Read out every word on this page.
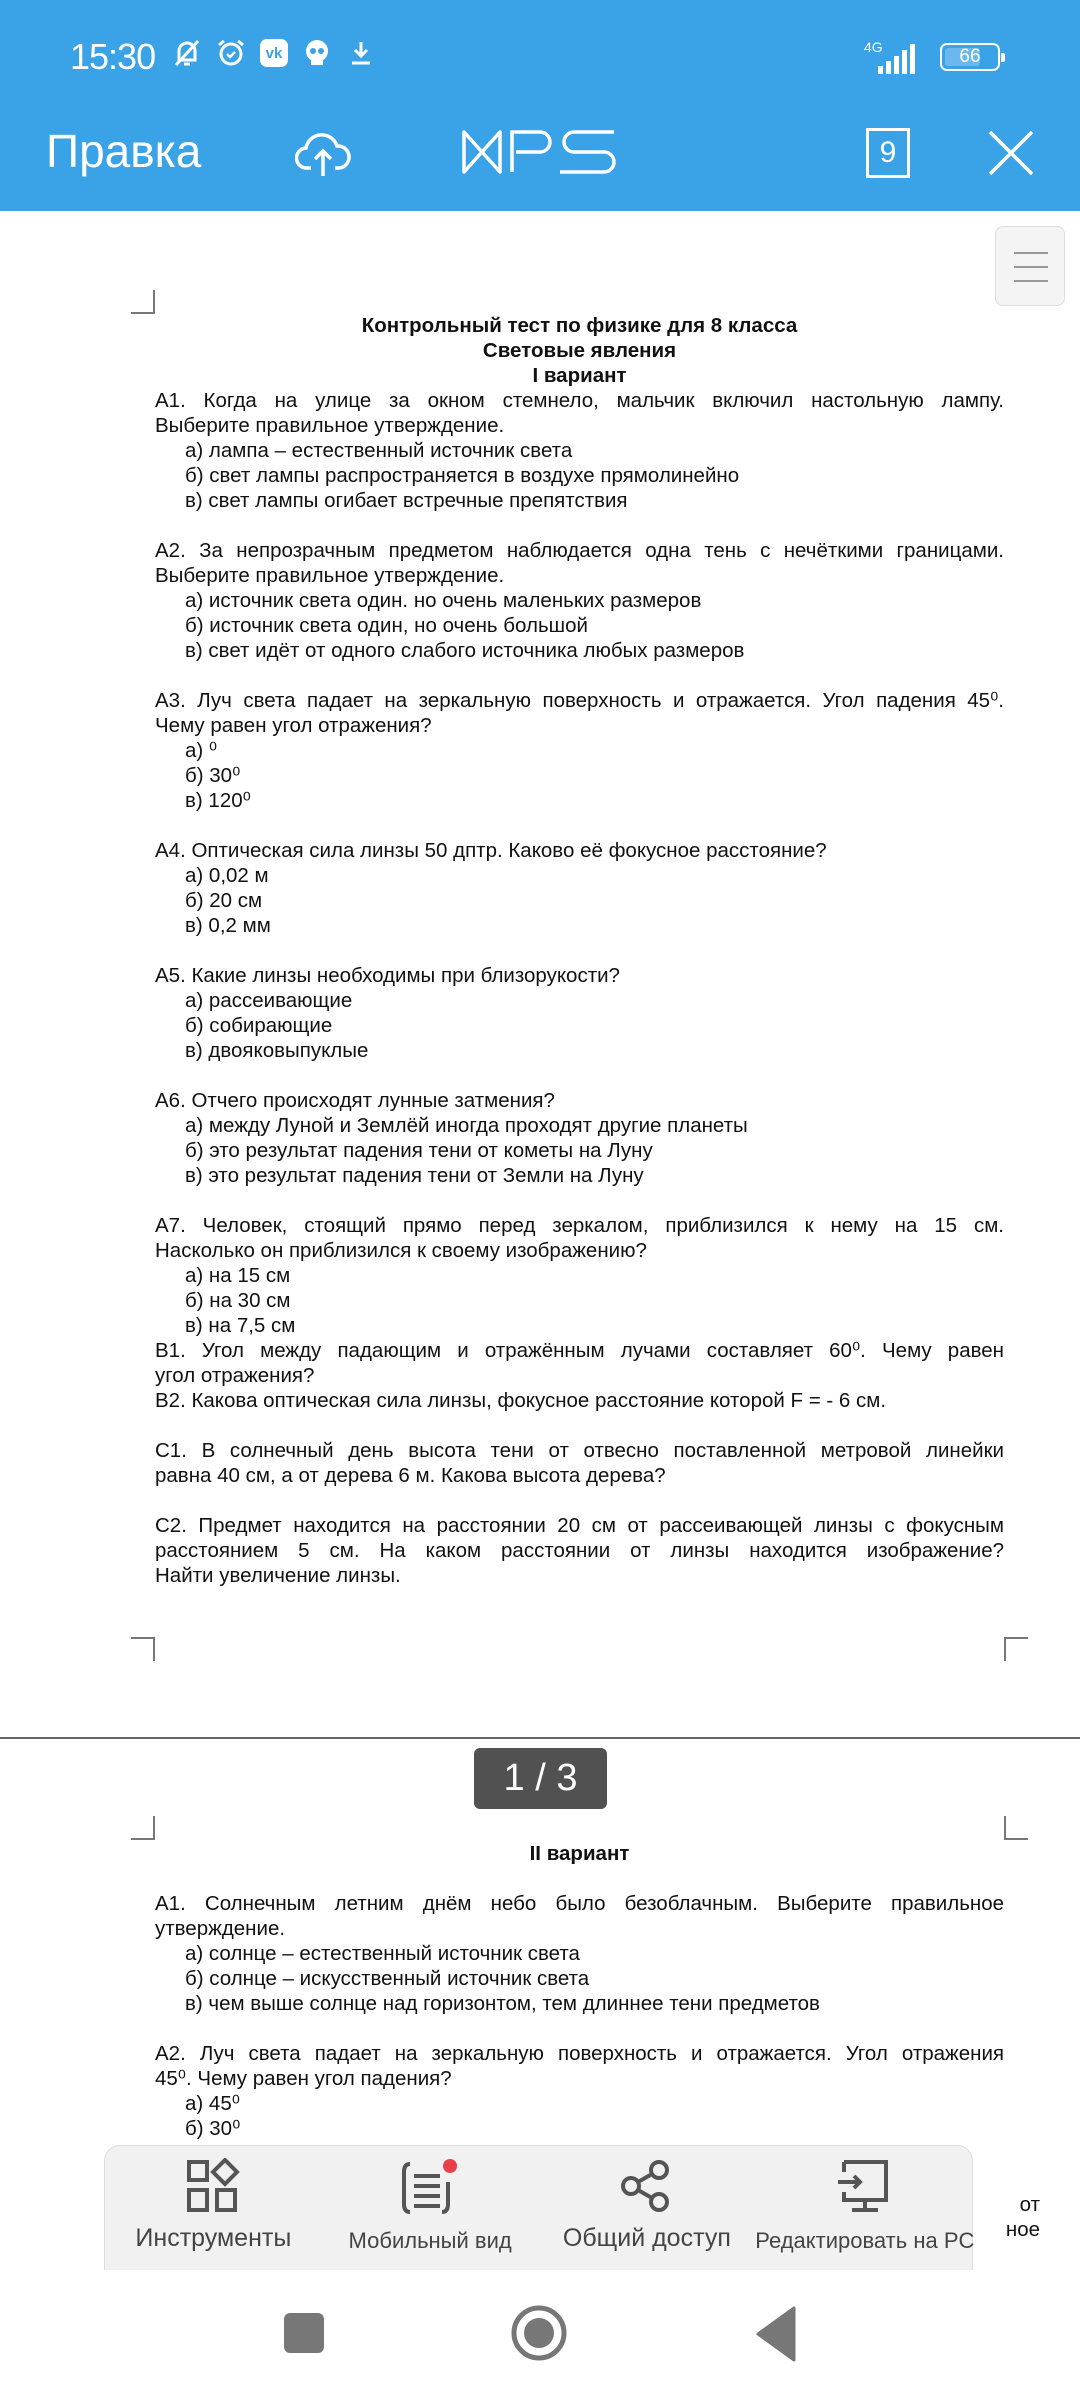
15:30	vk	4G	66
Правка	9
Контрольный тест по физике для 8 класса
Световые явления
I вариант
А1. Когда на улице за окном стемнело, мальчик включил настольную лампу.
Выберите правильное утверждение.
а) лампа – естественный источник света
б) свет лампы распространяется в воздухе прямолинейно
в) свет лампы огибает встречные препятствия
А2. За непрозрачным предметом наблюдается одна тень с нечёткими границами.
Выберите правильное утверждение.
а) источник света один. но очень маленьких размеров
б) источник света один, но очень большой
в) свет идёт от одного слабого источника любых размеров
А3. Луч света падает на зеркальную поверхность и отражается. Угол падения 45⁰.
Чему равен угол отражения?
а) ⁰
б) 30⁰
в) 120⁰
А4. Оптическая сила линзы 50 дптр. Каково её фокусное расстояние?
а) 0,02 м
б) 20 см
в) 0,2 мм
А5. Какие линзы необходимы при близорукости?
а) рассеивающие
б) собирающие
в) двояковыпуклые
А6. Отчего происходят лунные затмения?
а) между Луной и Землёй иногда проходят другие планеты
б) это результат падения тени от кометы на Луну
в) это результат падения тени от Земли на Луну
А7. Человек, стоящий прямо перед зеркалом, приблизился к нему на 15 см.
Насколько он приблизился к своему изображению?
а) на 15 см
б) на 30 см
в) на 7,5 см
В1. Угол между падающим и отражённым лучами составляет 60⁰. Чему равен
угол отражения?
В2. Какова оптическая сила линзы, фокусное расстояние которой F = - 6 см.
С1. В солнечный день высота тени от отвесно поставленной метровой линейки
равна 40 см, а от дерева 6 м. Какова высота дерева?
С2. Предмет находится на расстоянии 20 см от рассеивающей линзы с фокусным
расстоянием 5 см. На каком расстоянии от линзы находится изображение?
Найти увеличение линзы.
II вариант
А1. Солнечным летним днём небо было безоблачным. Выберите правильное
утверждение.
а) солнце – естественный источник света
б) солнце – искусственный источник света
в) чем выше солнце над горизонтом, тем длиннее тени предметов
А2. Луч света падает на зеркальную поверхность и отражается. Угол отражения
45⁰. Чему равен угол падения?
а) 45⁰
б) 30⁰
от
ное
1 / 3
Инструменты	Мобильный вид	Общий доступ	Редактировать на PC
